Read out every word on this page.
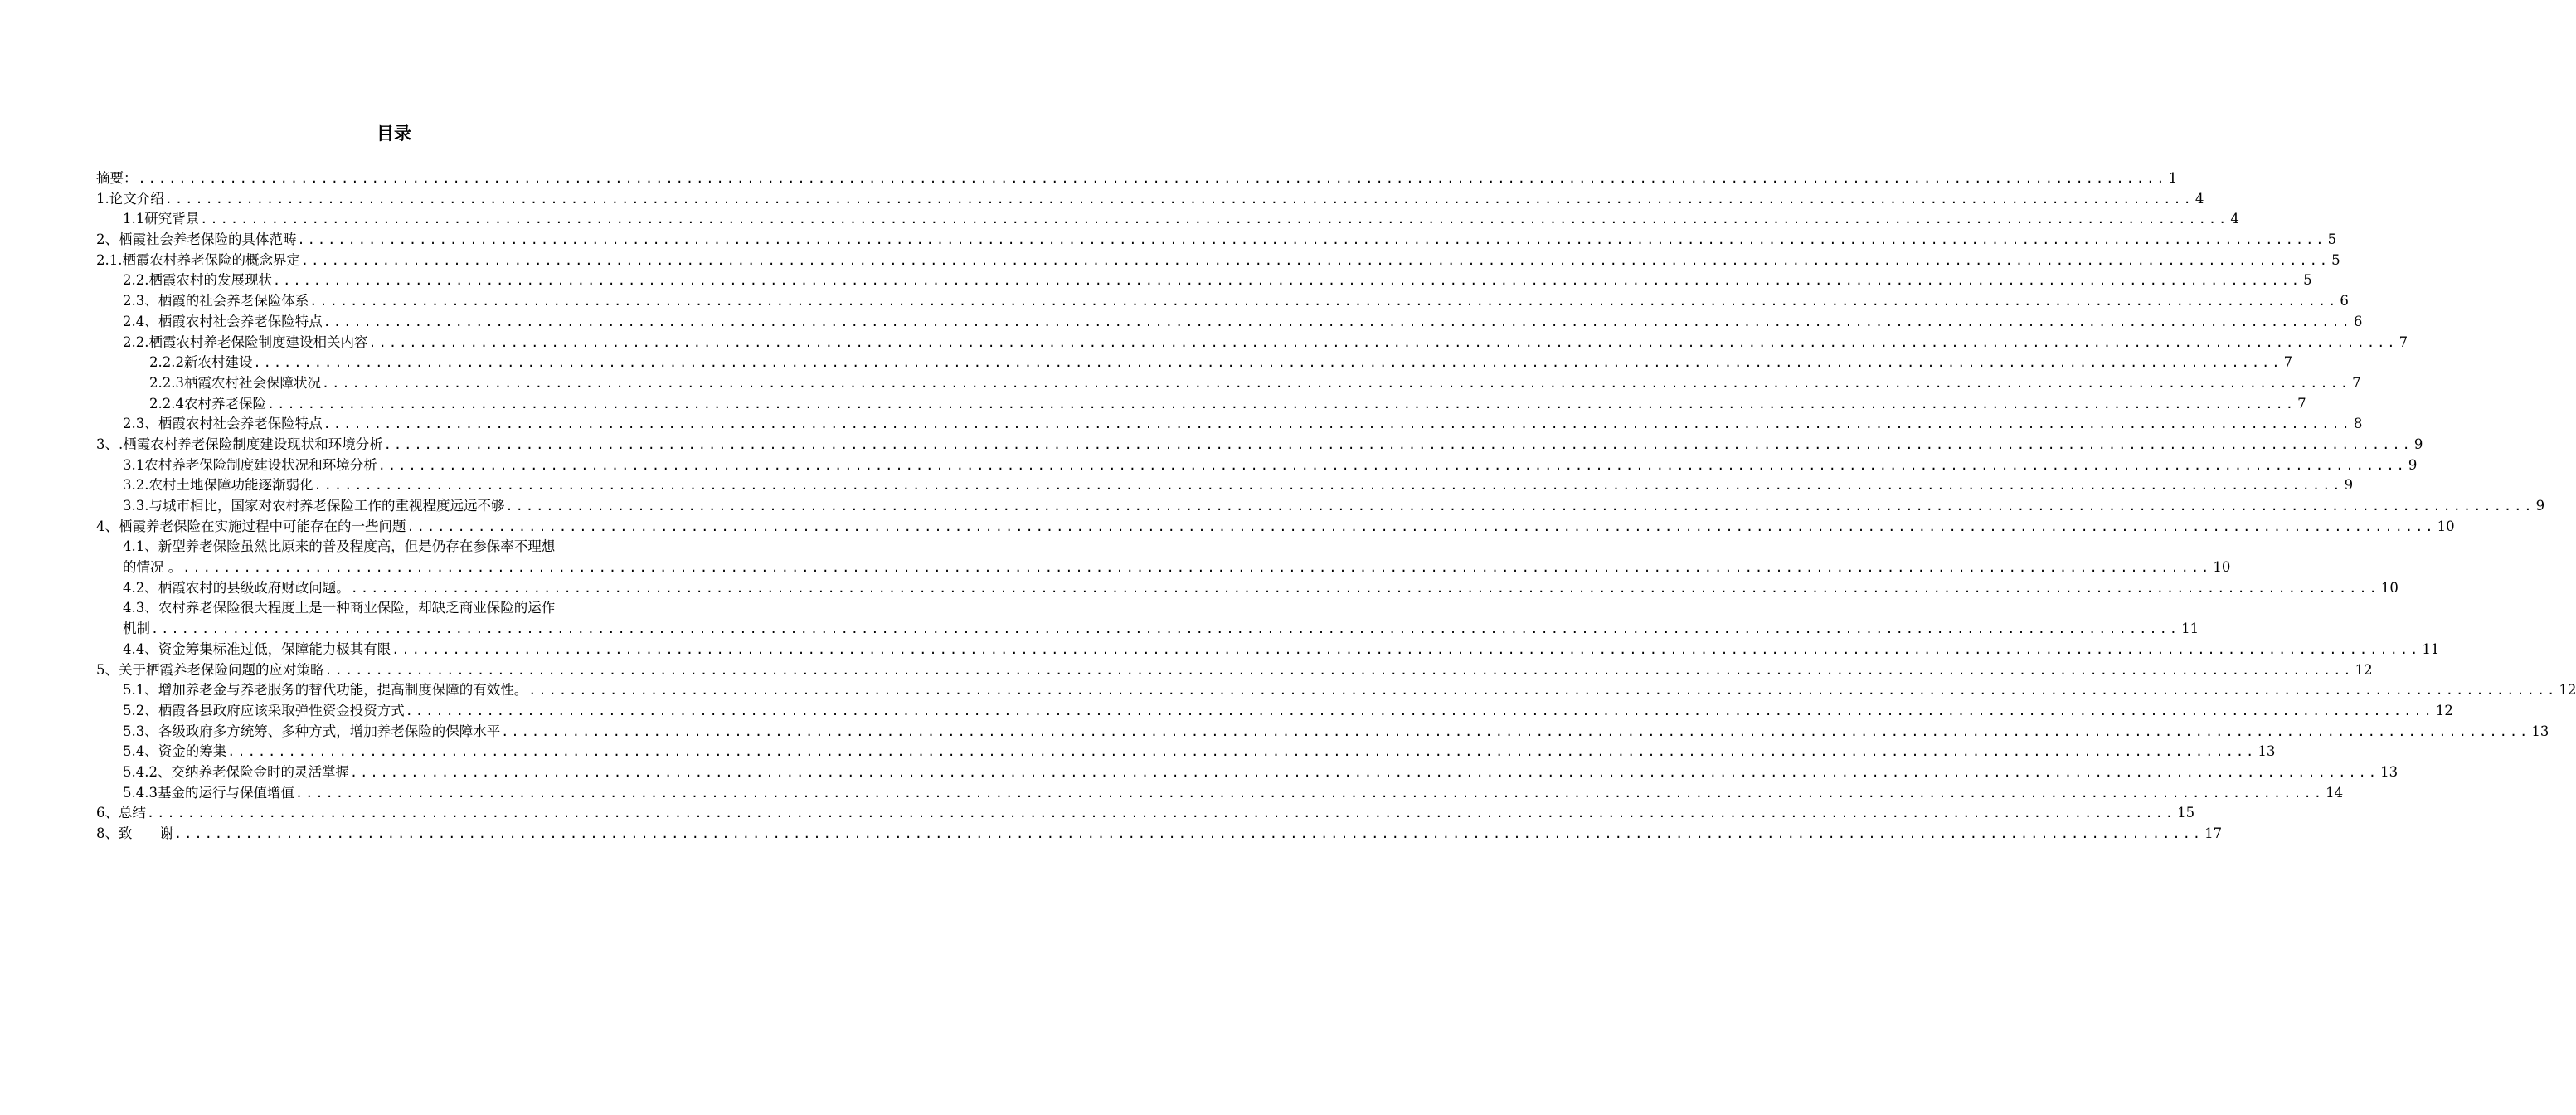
目录
摘要： ........................................................................................................................................................................................................ 1
1.论文介绍 ........................................................................................................................................................................................................ 4
1.1研究背景 ........................................................................................................................................................................................................ 4
2、栖霞社会养老保险的具体范畴 ........................................................................................................................................................................................................ 5
2.1.栖霞农村养老保险的概念界定 ........................................................................................................................................................................................................ 5
2.2.栖霞农村的发展现状 ........................................................................................................................................................................................................ 5
2.3、栖霞的社会养老保险体系 ........................................................................................................................................................................................................ 6
2.4、栖霞农村社会养老保险特点 ........................................................................................................................................................................................................ 6
2.2.栖霞农村养老保险制度建设相关内容 ........................................................................................................................................................................................................ 7
2.2.2新农村建设 ........................................................................................................................................................................................................ 7
2.2.3栖霞农村社会保障状况 ........................................................................................................................................................................................................ 7
2.2.4农村养老保险 ........................................................................................................................................................................................................ 7
2.3、栖霞农村社会养老保险特点 ........................................................................................................................................................................................................ 8
3、.栖霞农村养老保险制度建设现状和环境分析 ........................................................................................................................................................................................................ 9
3.1农村养老保险制度建设状况和环境分析 ........................................................................................................................................................................................................ 9
3.2.农村土地保障功能逐渐弱化 ........................................................................................................................................................................................................ 9
3.3.与城市相比，国家对农村养老保险工作的重视程度远远不够 ........................................................................................................................................................................................................ 9
4、栖霞养老保险在实施过程中可能存在的一些问题 ........................................................................................................................................................................................................ 10
4.1、新型养老保险虽然比原来的普及程度高，但是仍存在参保率不理想
的情况 。 ........................................................................................................................................................................................................ 10
4.2、栖霞农村的县级政府财政问题。 ........................................................................................................................................................................................................ 10
4.3、农村养老保险很大程度上是一种商业保险，却缺乏商业保险的运作
机制 ........................................................................................................................................................................................................ 11
4.4、资金筹集标准过低，保障能力极其有限 ........................................................................................................................................................................................................ 11
5、关于栖霞养老保险问题的应对策略 ........................................................................................................................................................................................................ 12
5.1、增加养老金与养老服务的替代功能，提高制度保障的有效性。 ........................................................................................................................................................................................................ 12
5.2、栖霞各县政府应该采取弹性资金投资方式 ........................................................................................................................................................................................................ 12
5.3、各级政府多方统筹、多种方式，增加养老保险的保障水平 ........................................................................................................................................................................................................ 13
5.4、资金的筹集 ........................................................................................................................................................................................................ 13
5.4.2、交纳养老保险金时的灵活掌握 ........................................................................................................................................................................................................ 13
5.4.3基金的运行与保值增值 ........................................................................................................................................................................................................ 14
6、总结 ........................................................................................................................................................................................................ 15
8、致　　谢 ........................................................................................................................................................................................................ 17
